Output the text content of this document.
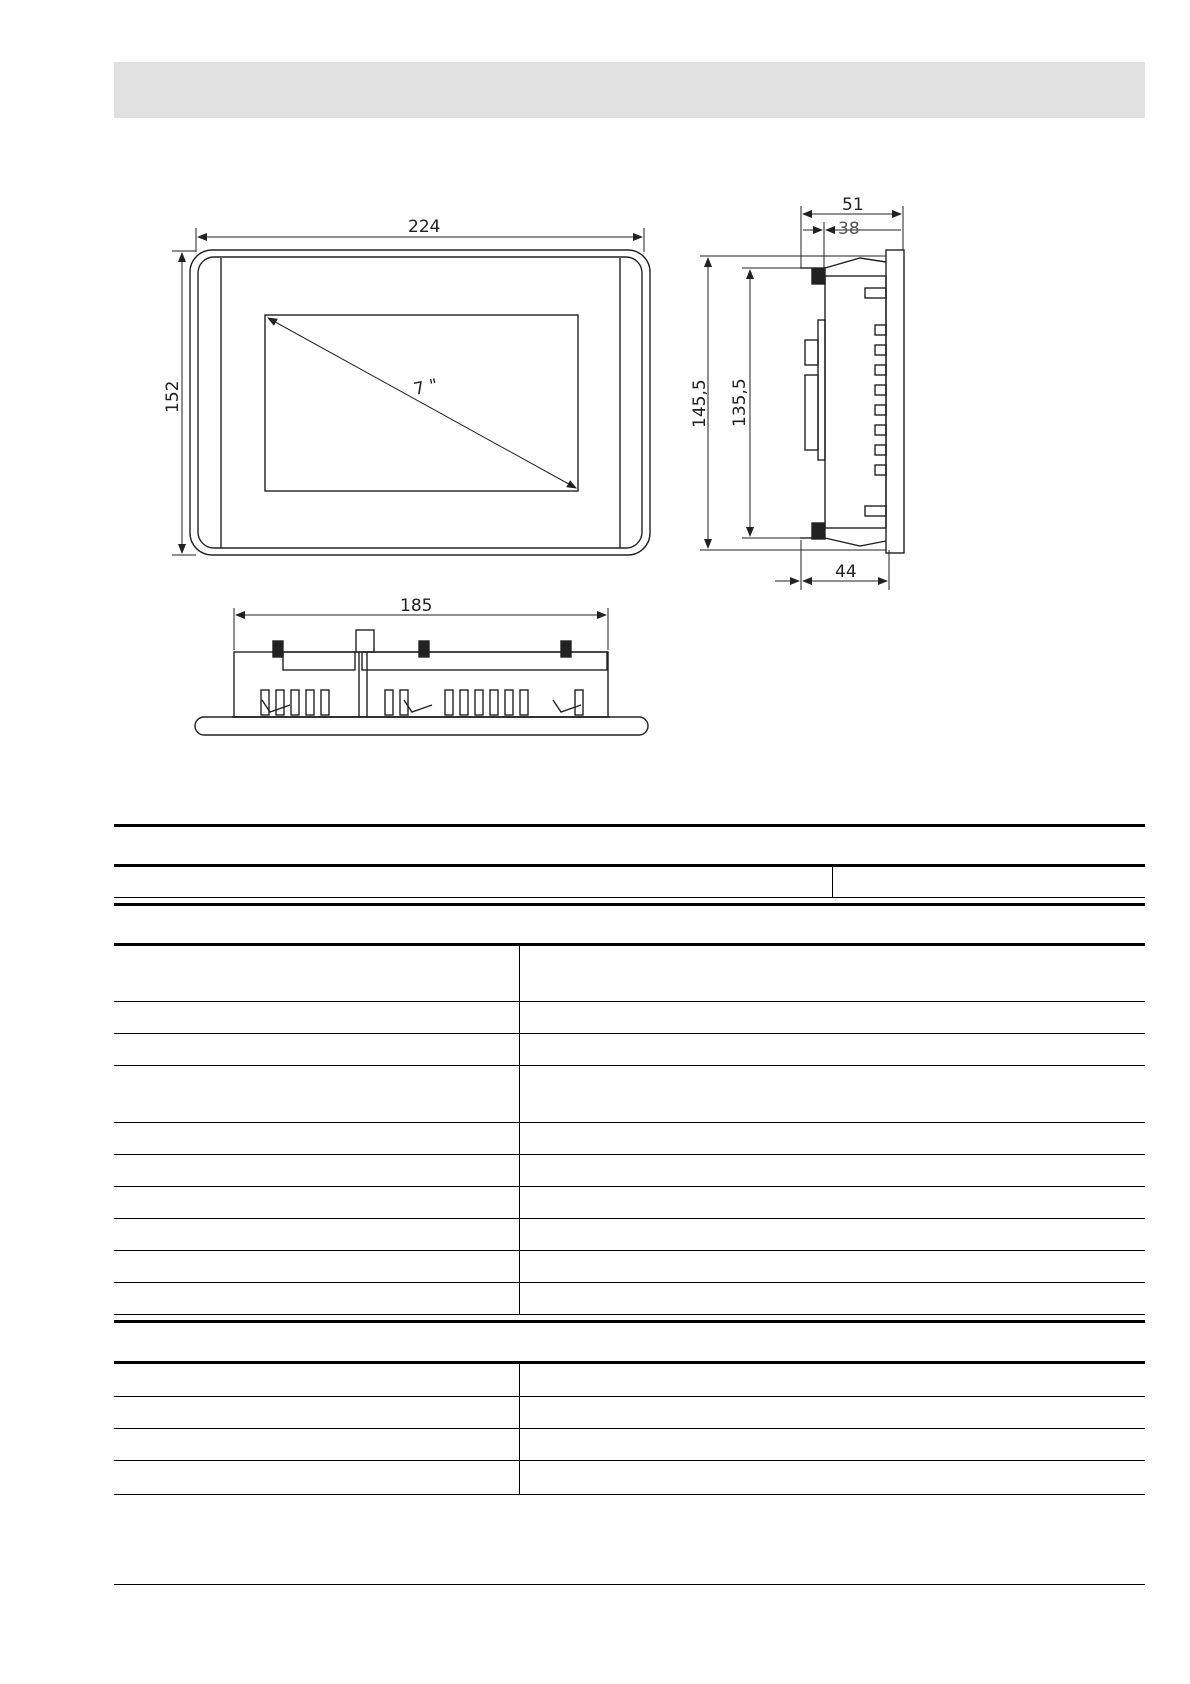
7 "
224
152
51
38
145,5 135,5
44
185
